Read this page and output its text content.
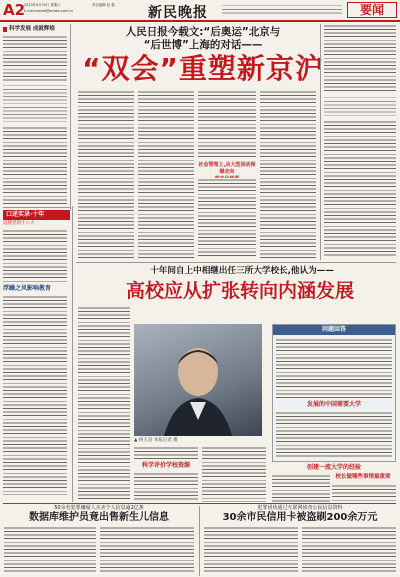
A2
2013年4月20日 星期六
E-mail:xmwb@xmwb.com.cn
责任编辑:赵 强 新民晚报	要闻
科学发展 成就辉煌
口述实录·十年
追随党的十八大
浮躁之风影响教育
人民日报今载文:“后奥运”北京与
“后世博”上海的对话——
“双会”重塑新京沪
社会管理上,从大型活动保障走向
十年间自上中相继出任三所大学校长,他认为——
高校应从扩张转向内涵发展
▲ 杨玉良 本报记者 摄
科学评价学校资源
问题回答
发展的中国需要大学
创建一流大学的经验
校长做哪些事情最重要
50余名犯罪嫌疑人买卖个人信息逾2亿条
数据库维护员竟出售新生儿信息
犯罪团伙通过互联网侦查公民信息资料
30余市民信用卡被盗刷200余万元
